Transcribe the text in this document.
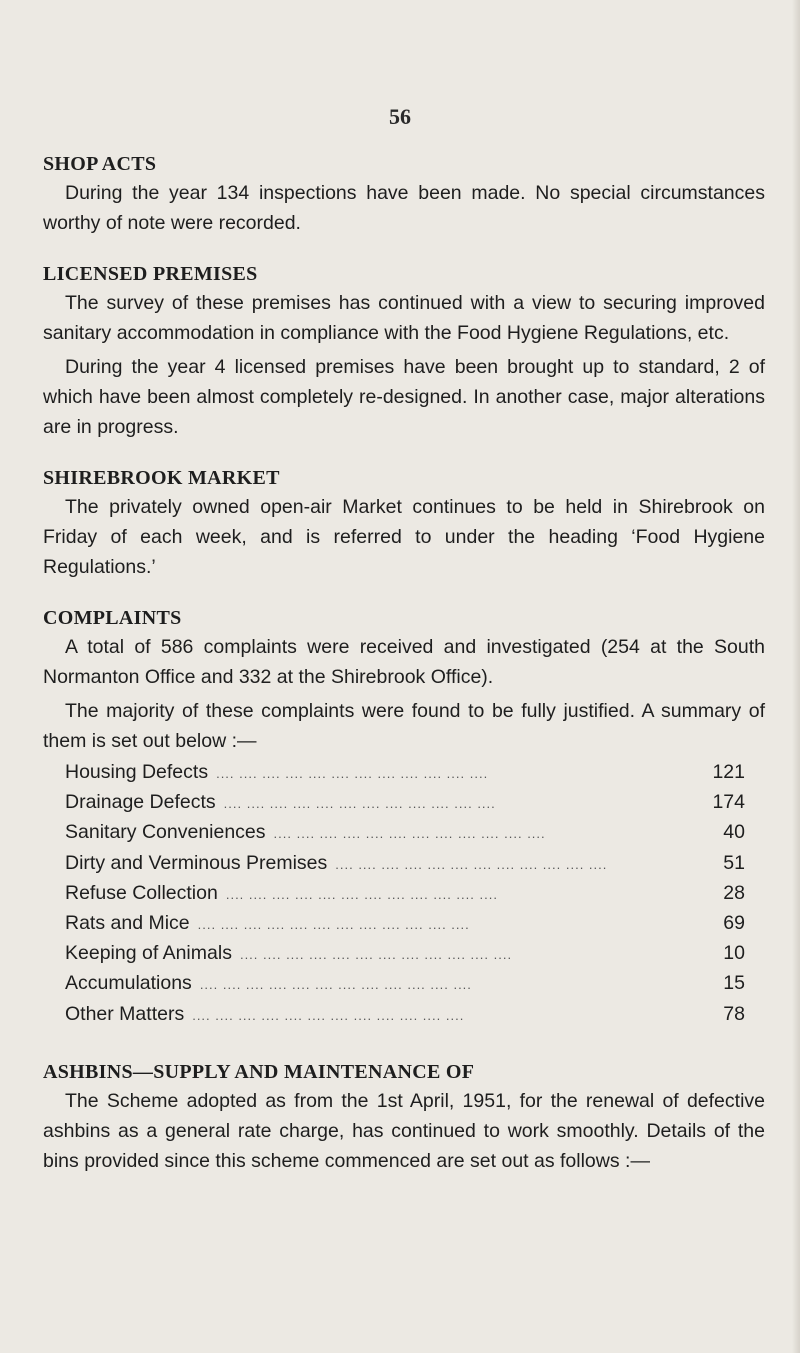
56
SHOP ACTS

During the year 134 inspections have been made. No special circumstances worthy of note were recorded.

LICENSED PREMISES

The survey of these premises has continued with a view to securing improved sanitary accommodation in compliance with the Food Hygiene Regulations, etc.

During the year 4 licensed premises have been brought up to standard, 2 of which have been almost completely re-designed. In another case, major alterations are in progress.

SHIREBROOK MARKET

The privately owned open-air Market continues to be held in Shirebrook on Friday of each week, and is referred to under the heading ‘Food Hygiene Regulations.’

COMPLAINTS

A total of 586 complaints were received and investigated (254 at the South Normanton Office and 332 at the Shirebrook Office).

The majority of these complaints were found to be fully justified. A summary of them is set out below :—

Housing Defects .... .... .... .... .... .... .... .... .... .... .... ....	121
Drainage Defects .... .... .... .... .... .... .... .... .... .... .... ....	174
Sanitary Conveniences .... .... .... .... .... .... .... .... .... .... .... ....	40
Dirty and Verminous Premises .... .... .... .... .... .... .... .... .... .... .... ....	51
Refuse Collection .... .... .... .... .... .... .... .... .... .... .... ....	28
Rats and Mice .... .... .... .... .... .... .... .... .... .... .... ....	69
Keeping of Animals .... .... .... .... .... .... .... .... .... .... .... ....	10
Accumulations .... .... .... .... .... .... .... .... .... .... .... ....	15
Other Matters .... .... .... .... .... .... .... .... .... .... .... ....	78
ASHBINS—SUPPLY AND MAINTENANCE OF

The Scheme adopted as from the 1st April, 1951, for the renewal of defective ashbins as a general rate charge, has continued to work smoothly. Details of the bins provided since this scheme commenced are set out as follows :—
